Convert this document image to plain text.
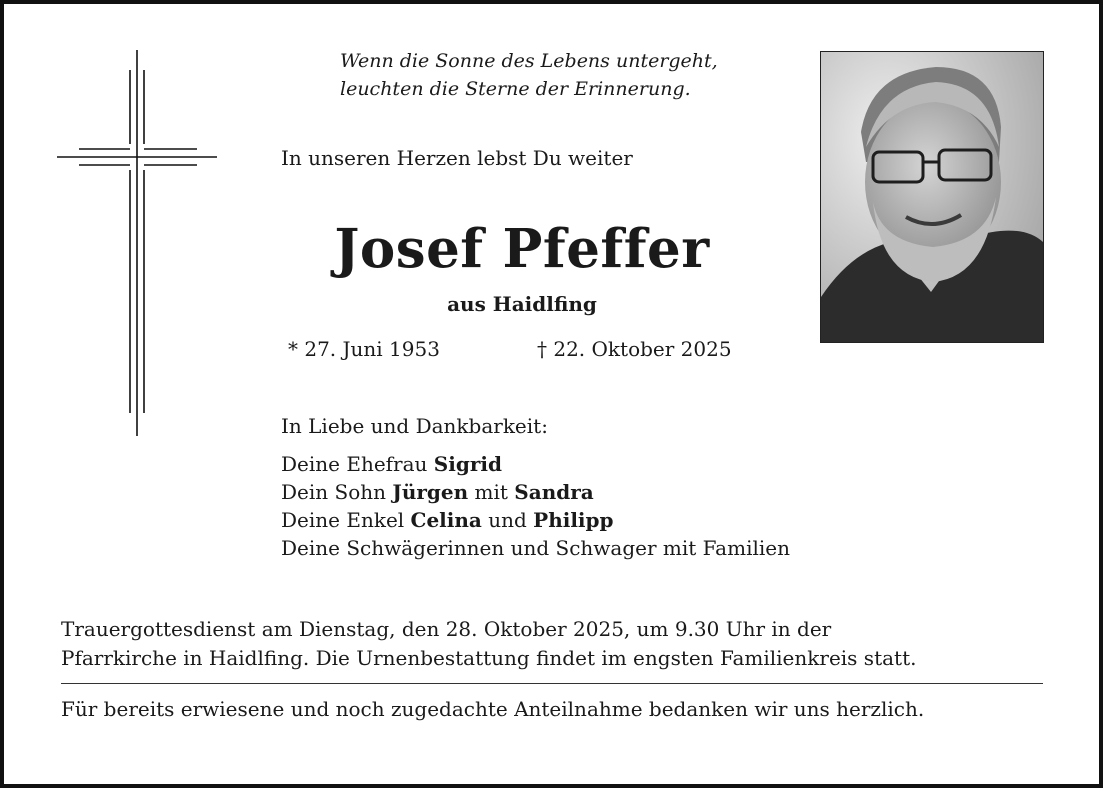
Wenn die Sonne des Lebens untergeht,
leuchten die Sterne der Erinnerung.
In unseren Herzen lebst Du weiter
Josef Pfeffer
aus Haidlfing
* 27. Juni 1953	† 22. Oktober 2025
In Liebe und Dankbarkeit:
Deine Ehefrau Sigrid
Dein Sohn Jürgen mit Sandra
Deine Enkel Celina und Philipp
Deine Schwägerinnen und Schwager mit Familien
Trauergottesdienst am Dienstag, den 28. Oktober 2025, um 9.30 Uhr in der
Pfarrkirche in Haidlfing. Die Urnenbestattung findet im engsten Familienkreis statt.
Für bereits erwiesene und noch zugedachte Anteilnahme bedanken wir uns herzlich.
